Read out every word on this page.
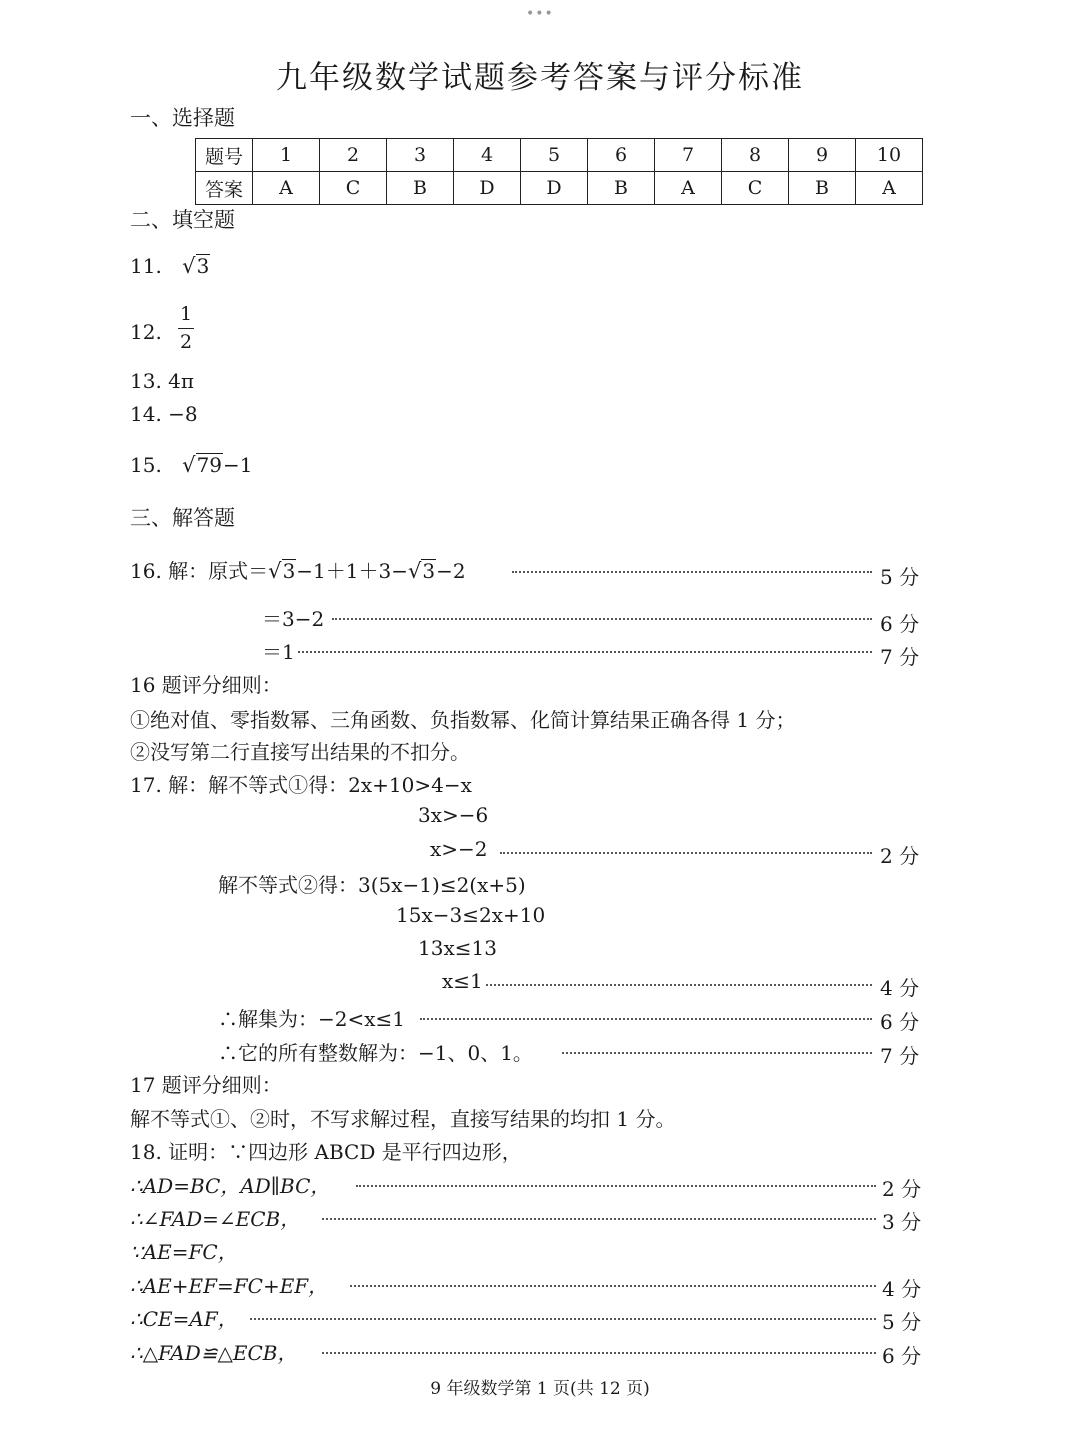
•••
九年级数学试题参考答案与评分标准
一、选择题
题号	1	2	3	4	5	6	7	8	9	10
答案	A	C	B	D	D	B	A	C	B	A
二、填空题
11. √3
12.
1
2
13. 4π
14. −8
15. √79−1
三、解答题
16. 解：原式＝√3−1＋1＋3−√3−2	5 分
＝3−2	6 分
＝1	7 分
16 题评分细则：
①绝对值、零指数幂、三角函数、负指数幂、化简计算结果正确各得 1 分；
②没写第二行直接写出结果的不扣分。
17. 解：解不等式①得：2x+10>4−x
3x>−6
x>−2	2 分
解不等式②得：3(5x−1)≤2(x+5)
15x−3≤2x+10
13x≤13
x≤1	4 分
∴解集为：−2<x≤1	6 分
∴它的所有整数解为：−1、0、1。	7 分
17 题评分细则：
解不等式①、②时，不写求解过程，直接写结果的均扣 1 分。
18. 证明：∵四边形 ABCD 是平行四边形，
∴AD=BC，AD∥BC，	2 分
∴∠FAD=∠ECB，	3 分
∵AE=FC，
∴AE+EF=FC+EF，	4 分
∴CE=AF，	5 分
∴△FAD≌△ECB，	6 分
9 年级数学第 1 页(共 12 页)
